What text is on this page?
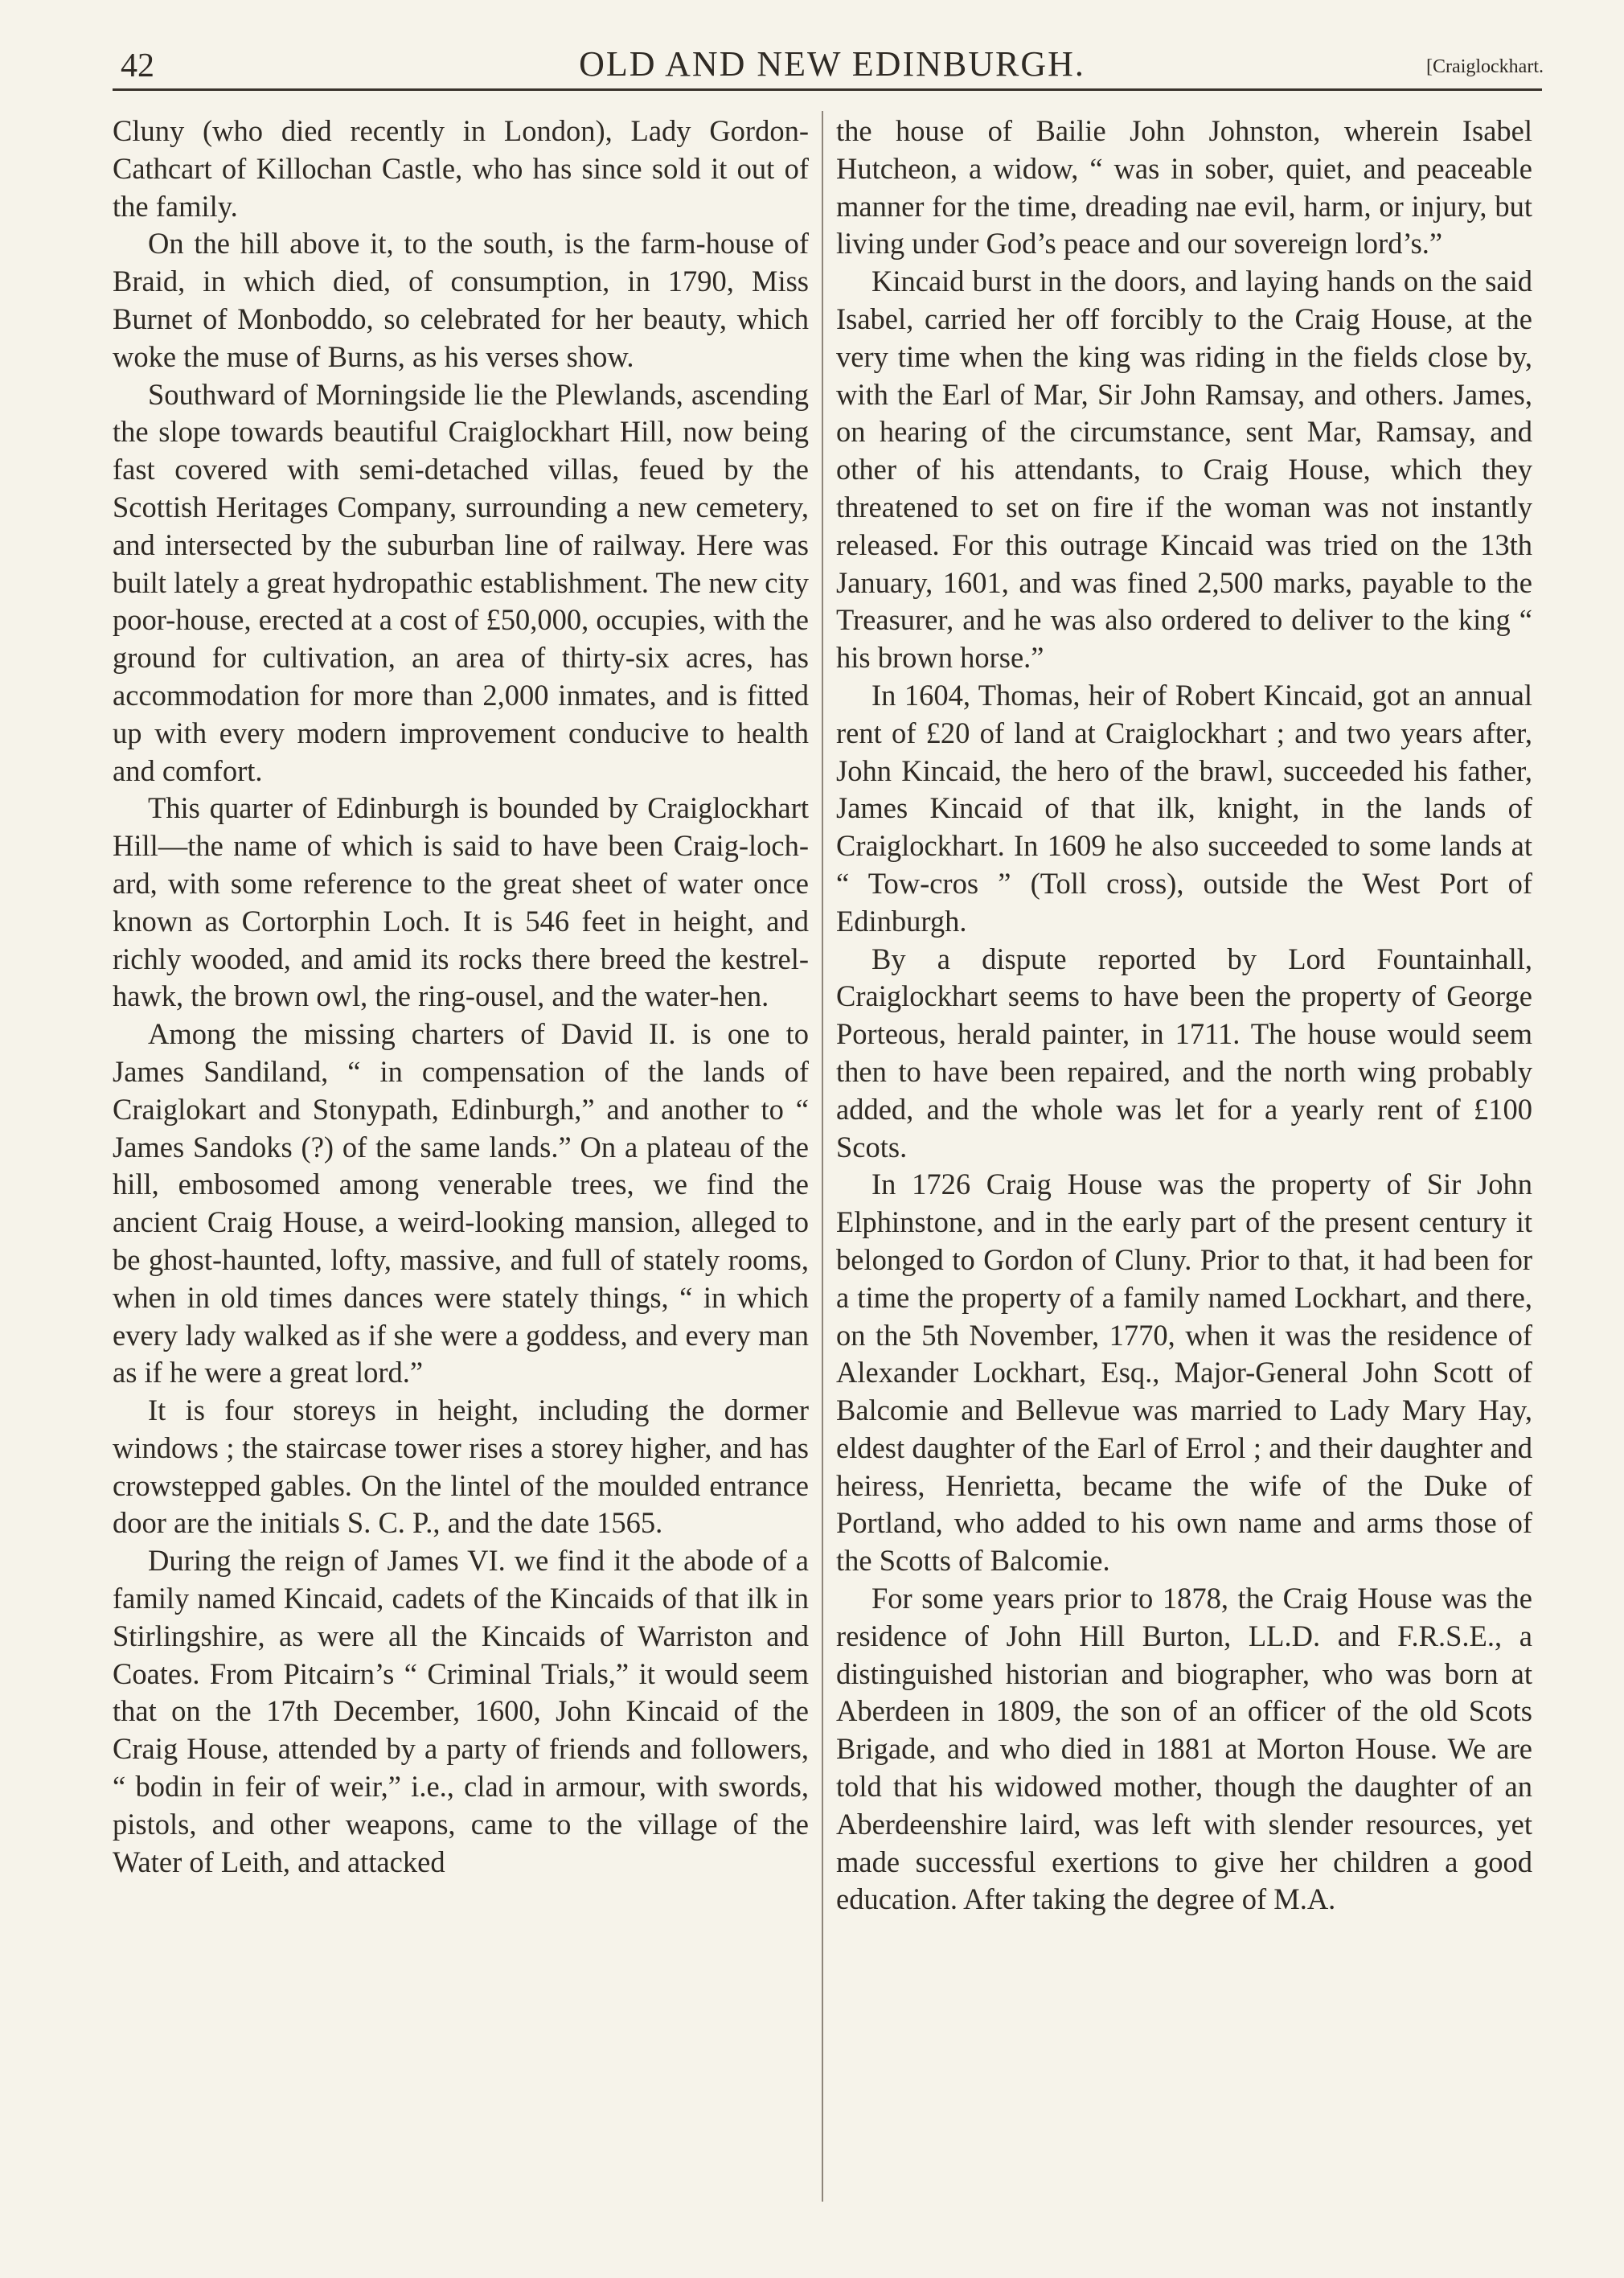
42	OLD AND NEW EDINBURGH.	[Craiglockhart.

Cluny (who died recently in London), Lady Gordon-Cathcart of Killochan Castle, who has since sold it out of the family.

On the hill above it, to the south, is the farm-house of Braid, in which died, of consumption, in 1790, Miss Burnet of Monboddo, so celebrated for her beauty, which woke the muse of Burns, as his verses show.

Southward of Morningside lie the Plewlands, ascending the slope towards beautiful Craiglockhart Hill, now being fast covered with semi-detached villas, feued by the Scottish Heritages Company, surrounding a new cemetery, and intersected by the suburban line of railway. Here was built lately a great hydropathic establishment. The new city poor-house, erected at a cost of £50,000, occupies, with the ground for cultivation, an area of thirty-six acres, has accommodation for more than 2,000 inmates, and is fitted up with every modern improvement conducive to health and comfort.

This quarter of Edinburgh is bounded by Craiglockhart Hill—the name of which is said to have been Craig-loch-ard, with some reference to the great sheet of water once known as Cortorphin Loch. It is 546 feet in height, and richly wooded, and amid its rocks there breed the kestrel-hawk, the brown owl, the ring-ousel, and the water-hen.

Among the missing charters of David II. is one to James Sandiland, “ in compensation of the lands of Craiglokart and Stonypath, Edinburgh,” and another to “ James Sandoks (?) of the same lands.” On a plateau of the hill, embosomed among venerable trees, we find the ancient Craig House, a weird-looking mansion, alleged to be ghost-haunted, lofty, massive, and full of stately rooms, when in old times dances were stately things, “ in which every lady walked as if she were a goddess, and every man as if he were a great lord.”

It is four storeys in height, including the dormer windows ; the staircase tower rises a storey higher, and has crowstepped gables. On the lintel of the moulded entrance door are the initials S. C. P., and the date 1565.

During the reign of James VI. we find it the abode of a family named Kincaid, cadets of the Kincaids of that ilk in Stirlingshire, as were all the Kincaids of Warriston and Coates. From Pitcairn’s “ Criminal Trials,” it would seem that on the 17th December, 1600, John Kincaid of the Craig House, attended by a party of friends and followers, “ bodin in feir of weir,” i.e., clad in armour, with swords, pistols, and other weapons, came to the village of the Water of Leith, and attacked

the house of Bailie John Johnston, wherein Isabel Hutcheon, a widow, “ was in sober, quiet, and peaceable manner for the time, dreading nae evil, harm, or injury, but living under God’s peace and our sovereign lord’s.”

Kincaid burst in the doors, and laying hands on the said Isabel, carried her off forcibly to the Craig House, at the very time when the king was riding in the fields close by, with the Earl of Mar, Sir John Ramsay, and others. James, on hearing of the circumstance, sent Mar, Ramsay, and other of his attendants, to Craig House, which they threatened to set on fire if the woman was not instantly released. For this outrage Kincaid was tried on the 13th January, 1601, and was fined 2,500 marks, payable to the Treasurer, and he was also ordered to deliver to the king “ his brown horse.”

In 1604, Thomas, heir of Robert Kincaid, got an annual rent of £20 of land at Craiglockhart ; and two years after, John Kincaid, the hero of the brawl, succeeded his father, James Kincaid of that ilk, knight, in the lands of Craiglockhart. In 1609 he also succeeded to some lands at “ Tow-cros ” (Toll cross), outside the West Port of Edinburgh.

By a dispute reported by Lord Fountainhall, Craiglockhart seems to have been the property of George Porteous, herald painter, in 1711. The house would seem then to have been repaired, and the north wing probably added, and the whole was let for a yearly rent of £100 Scots.

In 1726 Craig House was the property of Sir John Elphinstone, and in the early part of the present century it belonged to Gordon of Cluny. Prior to that, it had been for a time the property of a family named Lockhart, and there, on the 5th November, 1770, when it was the residence of Alexander Lockhart, Esq., Major-General John Scott of Balcomie and Bellevue was married to Lady Mary Hay, eldest daughter of the Earl of Errol ; and their daughter and heiress, Henrietta, became the wife of the Duke of Portland, who added to his own name and arms those of the Scotts of Balcomie.

For some years prior to 1878, the Craig House was the residence of John Hill Burton, LL.D. and F.R.S.E., a distinguished historian and biographer, who was born at Aberdeen in 1809, the son of an officer of the old Scots Brigade, and who died in 1881 at Morton House. We are told that his widowed mother, though the daughter of an Aberdeenshire laird, was left with slender resources, yet made successful exertions to give her children a good education. After taking the degree of M.A.
